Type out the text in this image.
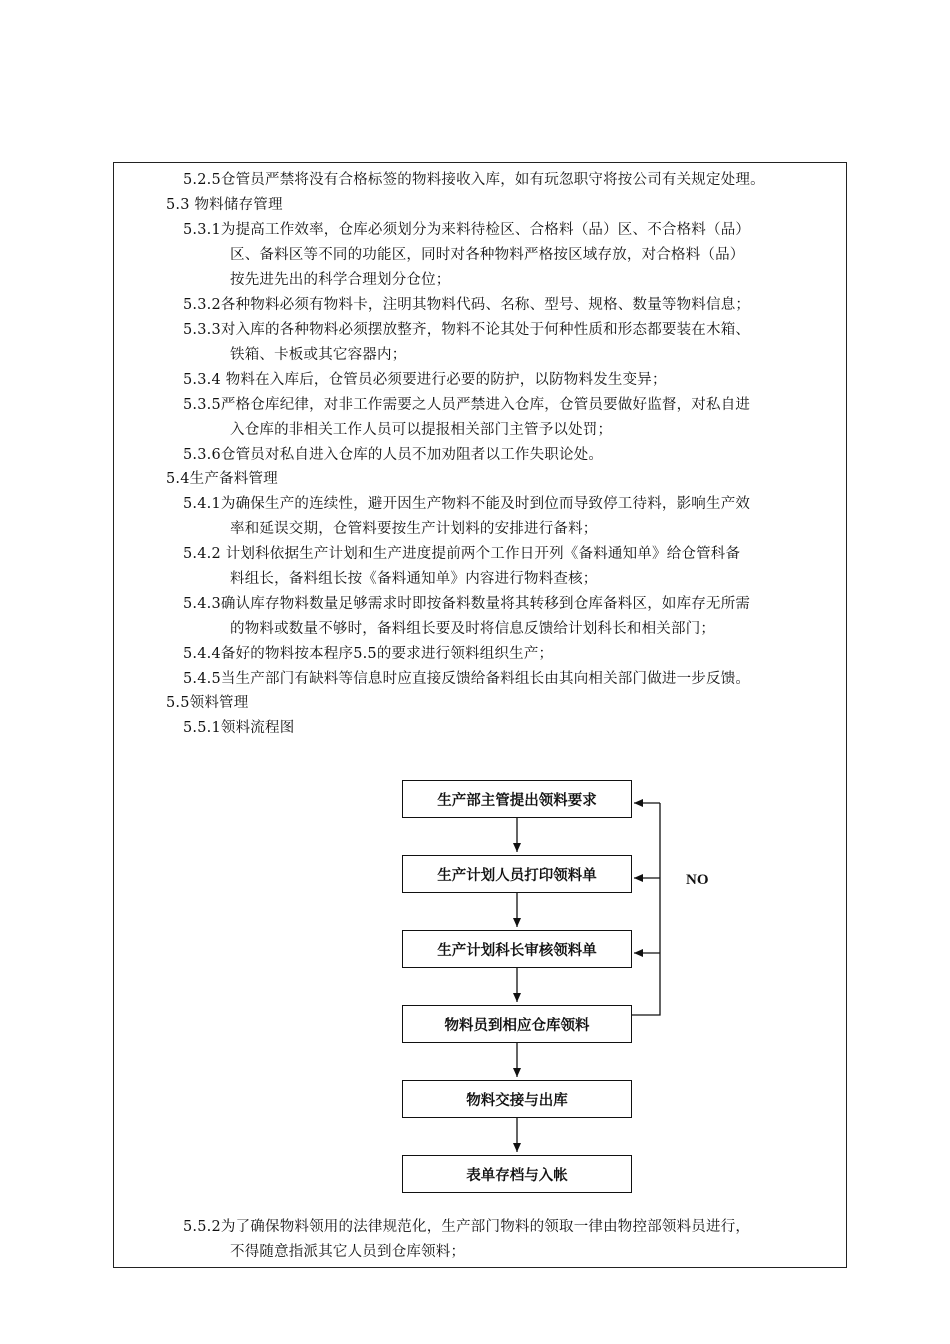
5.2.5仓管员严禁将没有合格标签的物料接收入库，如有玩忽职守将按公司有关规定处理。
5.3 物料储存管理
5.3.1为提高工作效率，仓库必须划分为来料待检区、合格料（品）区、不合格料（品）
区、备料区等不同的功能区，同时对各种物料严格按区域存放，对合格料（品）
按先进先出的科学合理划分仓位；
5.3.2各种物料必须有物料卡，注明其物料代码、名称、型号、规格、数量等物料信息；
5.3.3对入库的各种物料必须摆放整齐，物料不论其处于何种性质和形态都要装在木箱、
铁箱、卡板或其它容器内；
5.3.4 物料在入库后，仓管员必须要进行必要的防护，以防物料发生变异；
5.3.5严格仓库纪律，对非工作需要之人员严禁进入仓库，仓管员要做好监督，对私自进
入仓库的非相关工作人员可以提报相关部门主管予以处罚；
5.3.6仓管员对私自进入仓库的人员不加劝阻者以工作失职论处。
5.4生产备料管理
5.4.1为确保生产的连续性，避开因生产物料不能及时到位而导致停工待料，影响生产效
率和延误交期，仓管料要按生产计划料的安排进行备料；
5.4.2 计划科依据生产计划和生产进度提前两个工作日开列《备料通知单》给仓管科备
料组长，备料组长按《备料通知单》内容进行物料查核；
5.4.3确认库存物料数量足够需求时即按备料数量将其转移到仓库备料区，如库存无所需
的物料或数量不够时，备料组长要及时将信息反馈给计划科长和相关部门；
5.4.4备好的物料按本程序5.5的要求进行领料组织生产；
5.4.5当生产部门有缺料等信息时应直接反馈给备料组长由其向相关部门做进一步反馈。
5.5领料管理
5.5.1领料流程图
生产部主管提出领料要求
生产计划人员打印领料单
生产计划科长审核领料单
物料员到相应仓库领料
物料交接与出库
表单存档与入帐
NO
5.5.2为了确保物料领用的法律规范化，生产部门物料的领取一律由物控部领料员进行，
不得随意指派其它人员到仓库领料；
